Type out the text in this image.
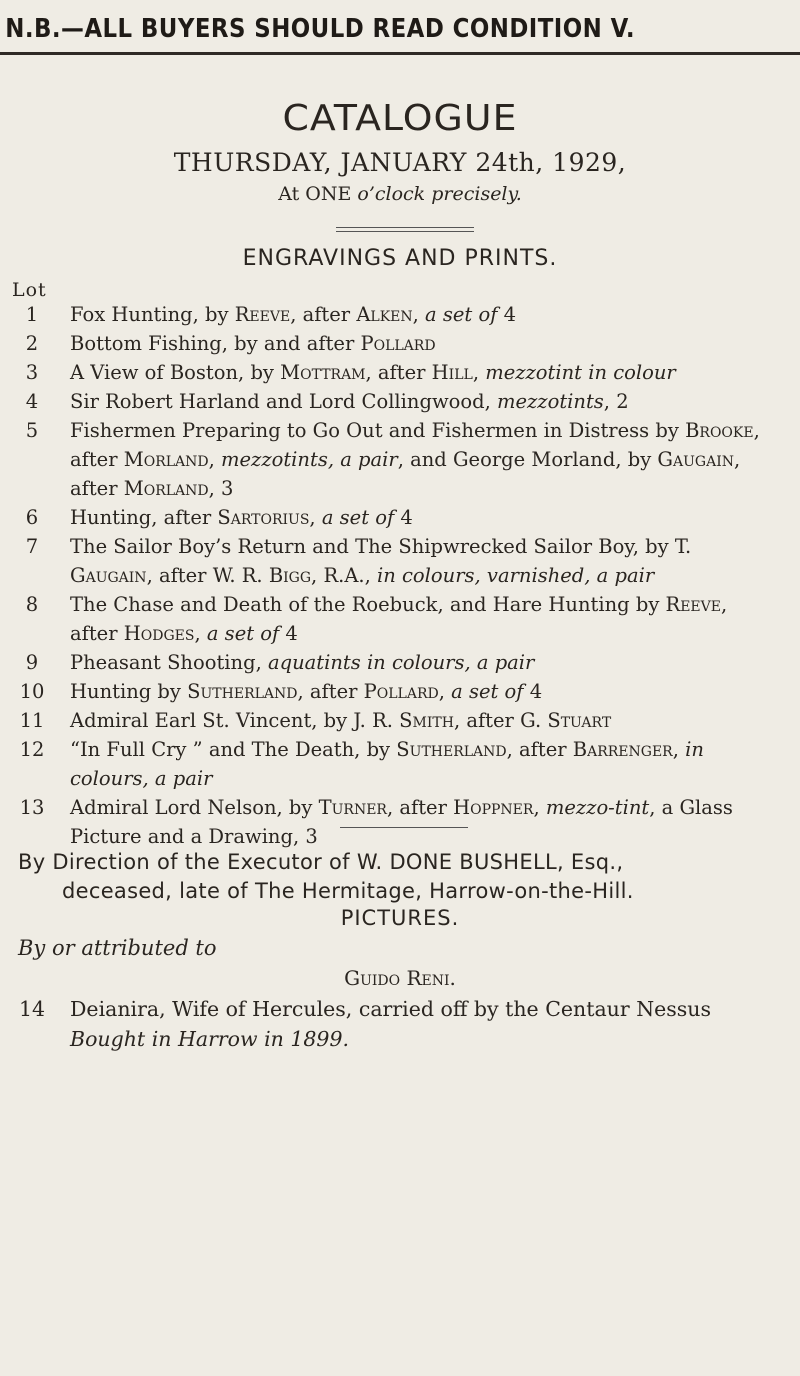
N.B.—ALL BUYERS SHOULD READ CONDITION V.
CATALOGUE
THURSDAY, JANUARY 24th, 1929,
At ONE o’clock precisely.
ENGRAVINGS AND PRINTS.
Lot
1	Fox Hunting, by Reeve, after Alken, a set of 4
2	Bottom Fishing, by and after Pollard
3	A View of Boston, by Mottram, after Hill, mezzotint in colour
4	Sir Robert Harland and Lord Collingwood, mezzotints, 2
5	Fishermen Preparing to Go Out and Fishermen in Distress by Brooke, after Morland, mezzotints, a pair, and George Morland, by Gaugain, after Morland, 3
6	Hunting, after Sartorius, a set of 4
7	The Sailor Boy’s Return and The Shipwrecked Sailor Boy, by T. Gaugain, after W. R. Bigg, R.A., in colours, varnished, a pair
8	The Chase and Death of the Roebuck, and Hare Hunting by Reeve, after Hodges, a set of 4
9	Pheasant Shooting, aquatints in colours, a pair
10	Hunting by Sutherland, after Pollard, a set of 4
11	Admiral Earl St. Vincent, by J. R. Smith, after G. Stuart
12	“In Full Cry ” and The Death, by Sutherland, after Barrenger, in colours, a pair
13	Admiral Lord Nelson, by Turner, after Hoppner, mezzo-tint, a Glass Picture and a Drawing, 3
By Direction of the Executor of W. DONE BUSHELL, Esq.,
deceased, late of The Hermitage, Harrow-on-the-Hill.
PICTURES.
By or attributed to
Guido Reni.
14 Deianira, Wife of Hercules, carried off by the Centaur Nessus
Bought in Harrow in 1899.
